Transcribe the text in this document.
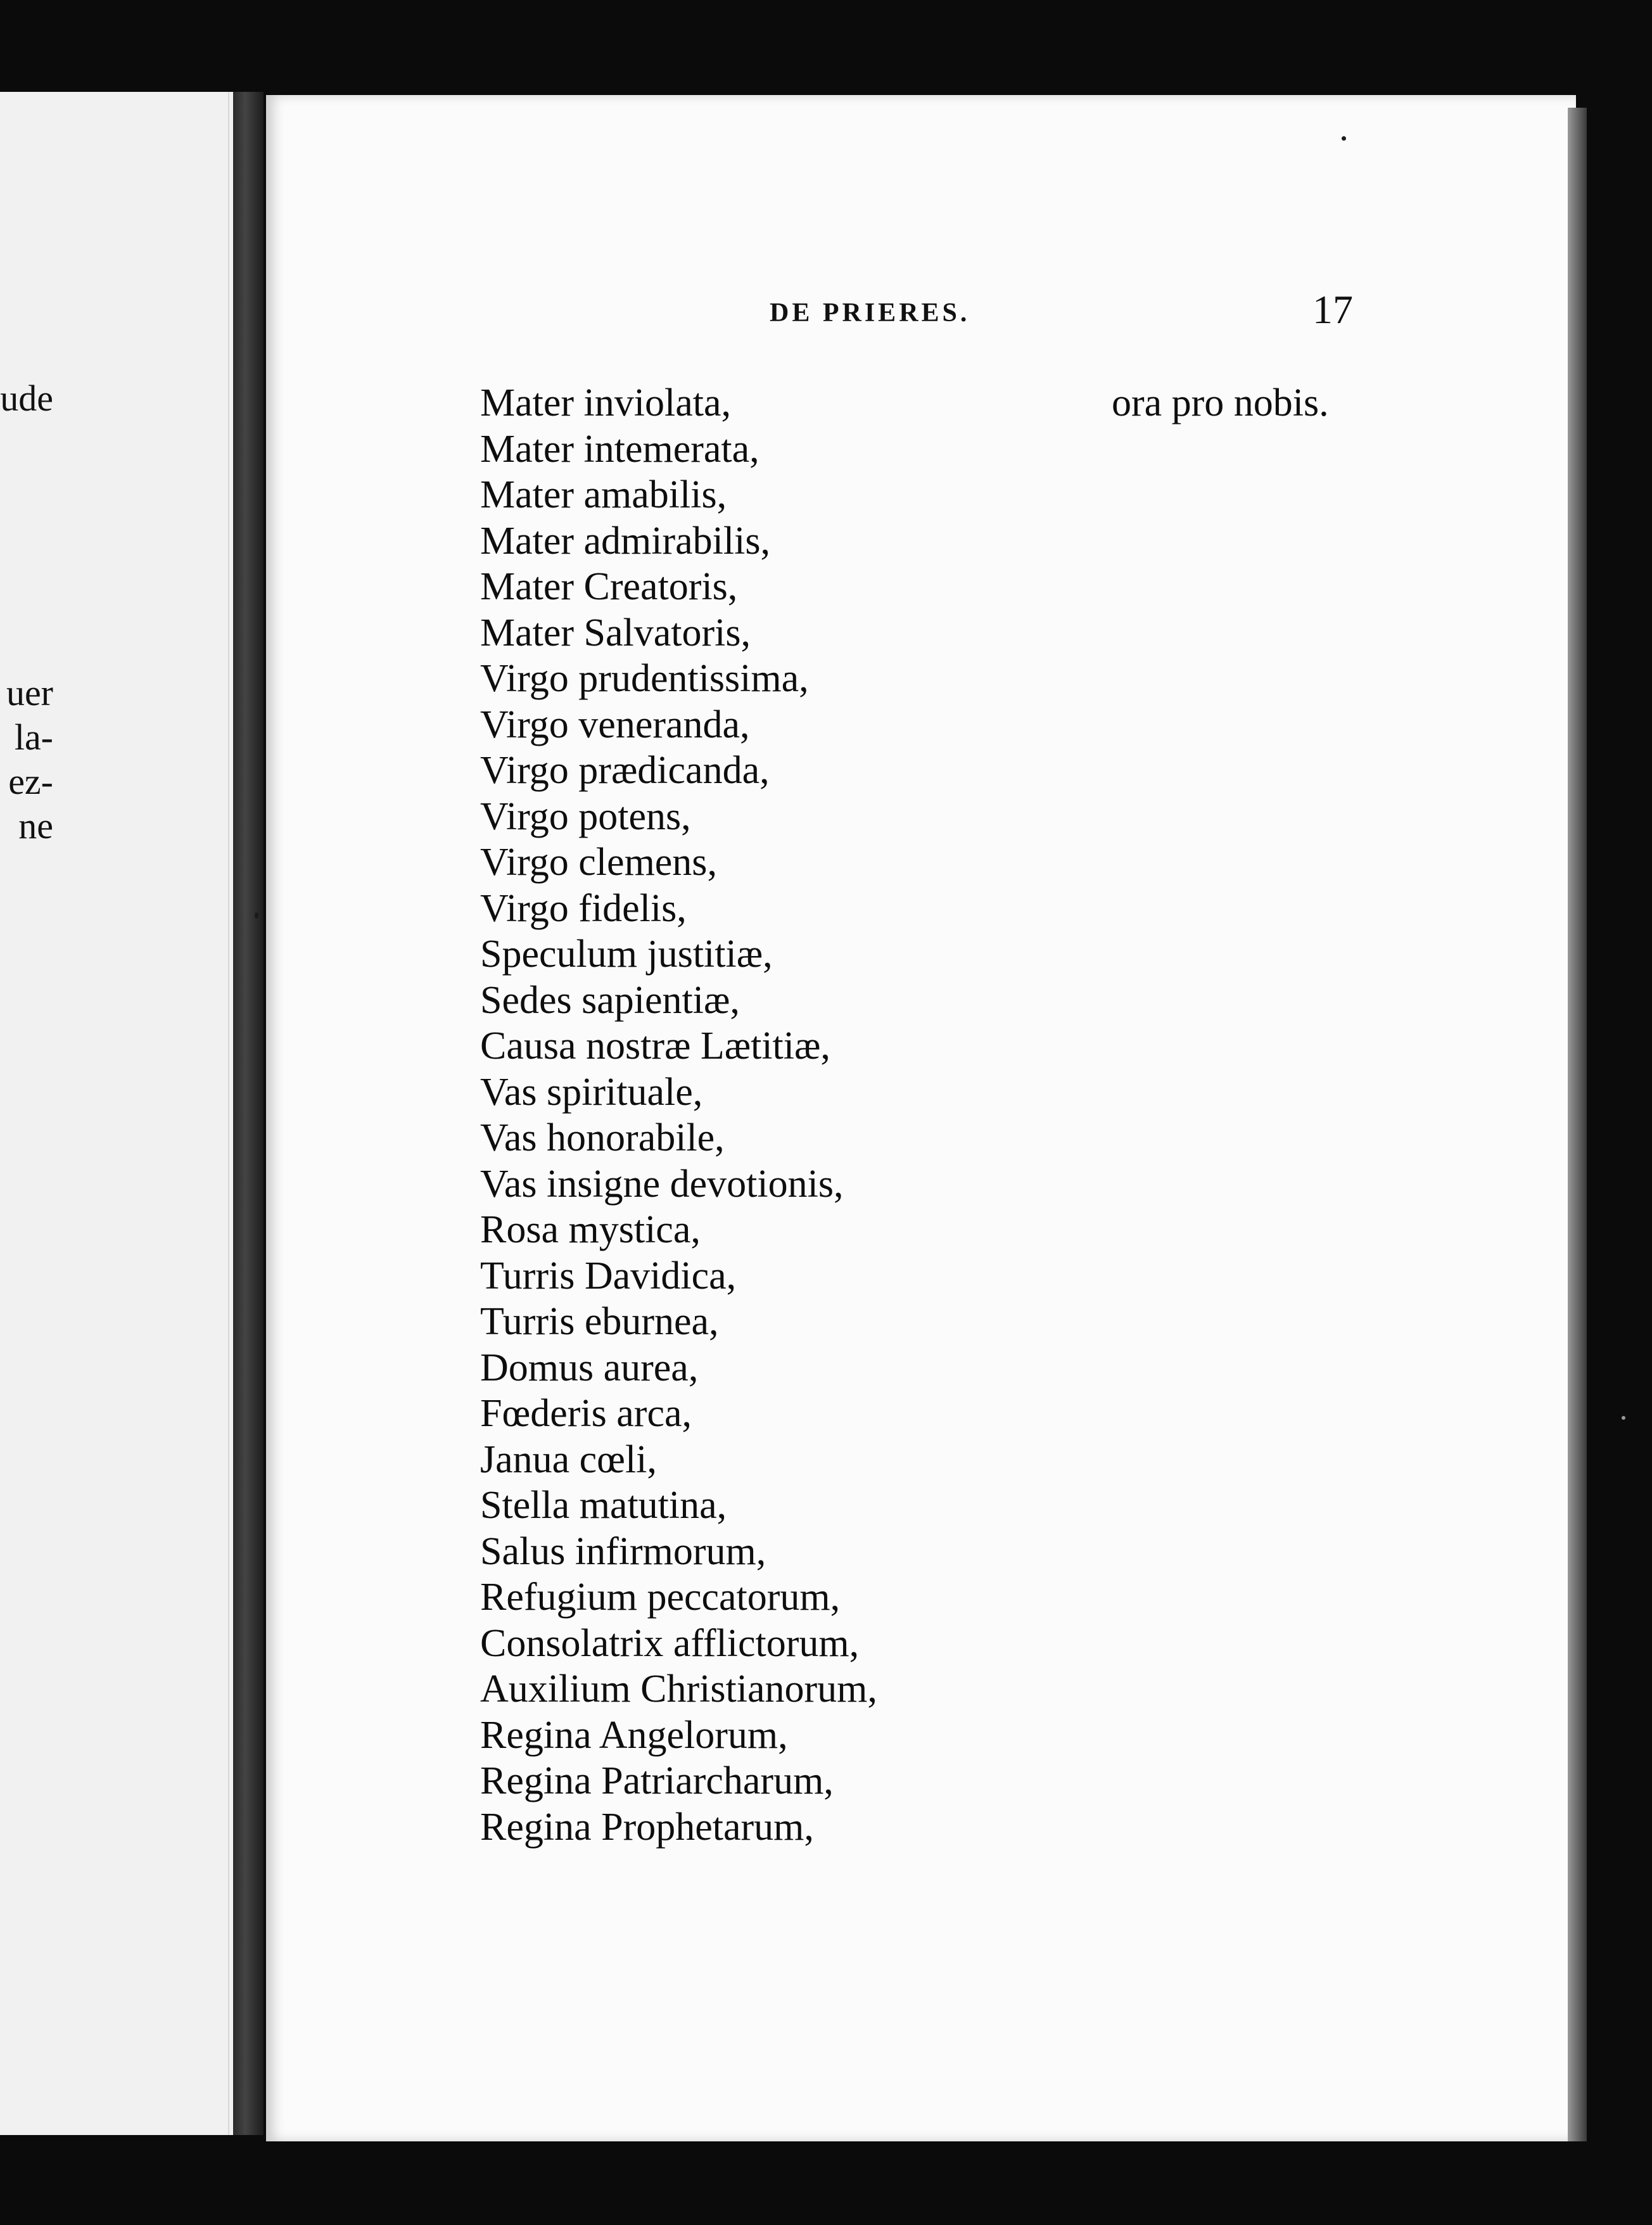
ude
uer
la-
ez-
ne
DE PRIERES.	17
ora pro nobis.
Mater inviolata,
Mater intemerata,
Mater amabilis,
Mater admirabilis,
Mater Creatoris,
Mater Salvatoris,
Virgo prudentissima,
Virgo veneranda,
Virgo prædicanda,
Virgo potens,
Virgo clemens,
Virgo fidelis,
Speculum justitiæ,
Sedes sapientiæ,
Causa nostræ Lætitiæ,
Vas spirituale,
Vas honorabile,
Vas insigne devotionis,
Rosa mystica,
Turris Davidica,
Turris eburnea,
Domus aurea,
Fœderis arca,
Janua cœli,
Stella matutina,
Salus infirmorum,
Refugium peccatorum,
Consolatrix afflictorum,
Auxilium Christianorum,
Regina Angelorum,
Regina Patriarcharum,
Regina Prophetarum,
